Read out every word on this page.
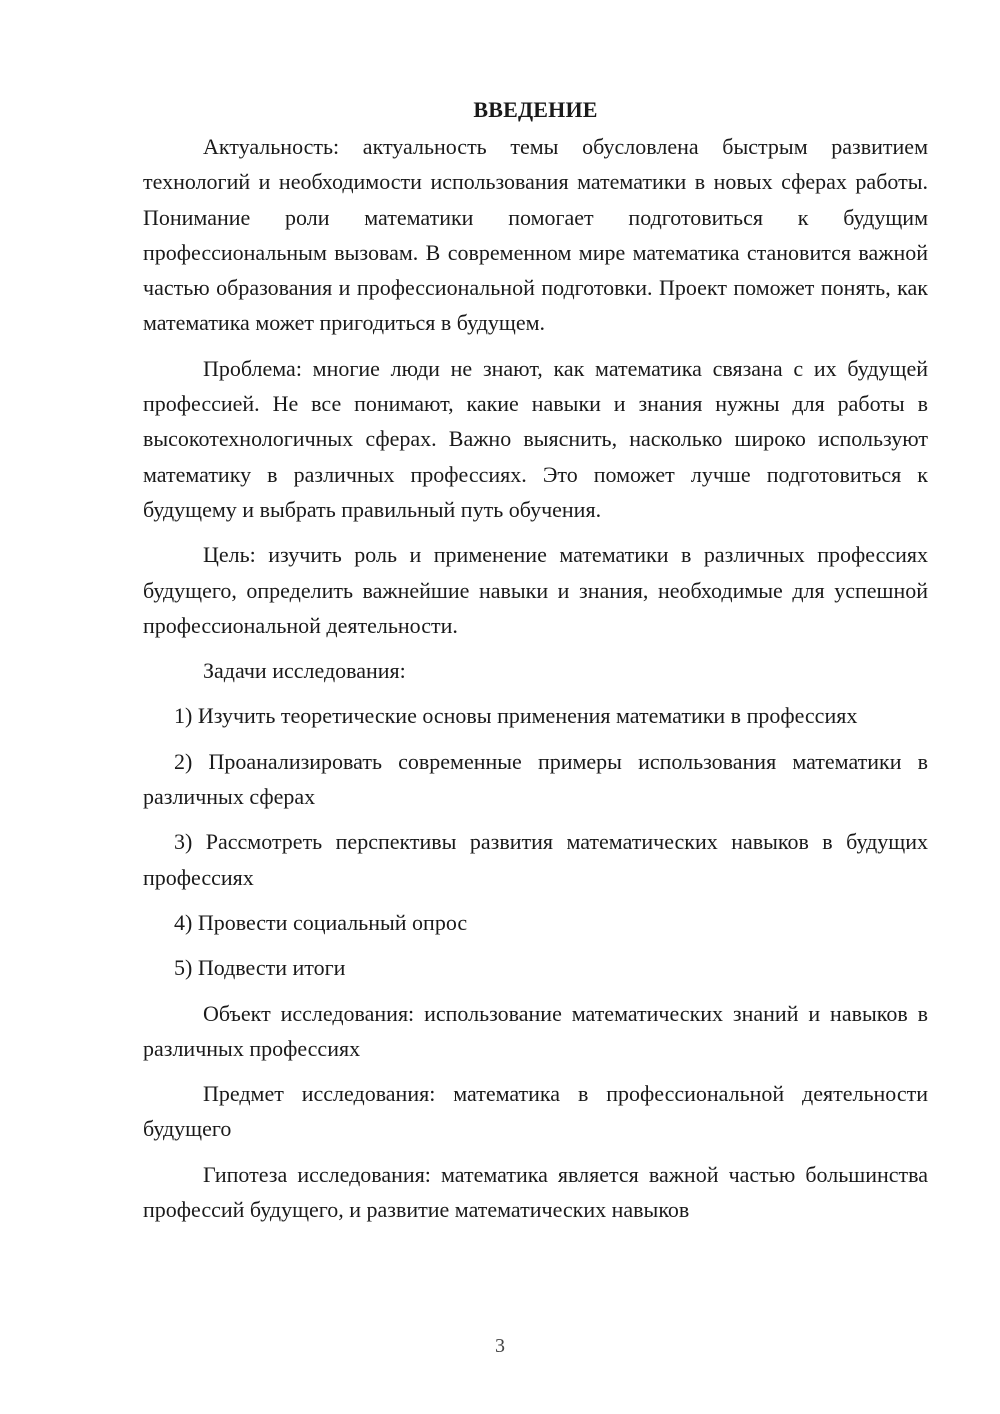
ВВЕДЕНИЕ

Актуальность: актуальность темы обусловлена быстрым развитием технологий и необходимости использования математики в новых сферах работы. Понимание роли математики помогает подготовиться к будущим профессиональным вызовам. В современном мире математика становится важной частью образования и профессиональной подготовки. Проект поможет понять, как математика может пригодиться в будущем.

Проблема: многие люди не знают, как математика связана с их будущей профессией. Не все понимают, какие навыки и знания нужны для работы в высокотехнологичных сферах. Важно выяснить, насколько широко используют математику в различных профессиях. Это поможет лучше подготовиться к будущему и выбрать правильный путь обучения.

Цель: изучить роль и применение математики в различных профессиях будущего, определить важнейшие навыки и знания, необходимые для успешной профессиональной деятельности.

Задачи исследования:

1) Изучить теоретические основы применения математики в профессиях

2) Проанализировать современные примеры использования математики в различных сферах

3) Рассмотреть перспективы развития математических навыков в будущих профессиях

4) Провести социальный опрос

5) Подвести итоги

Объект исследования: использование математических знаний и навыков в различных профессиях

Предмет исследования: математика в профессиональной деятельности будущего

Гипотеза исследования: математика является важной частью большинства профессий будущего, и развитие математических навыков

3
